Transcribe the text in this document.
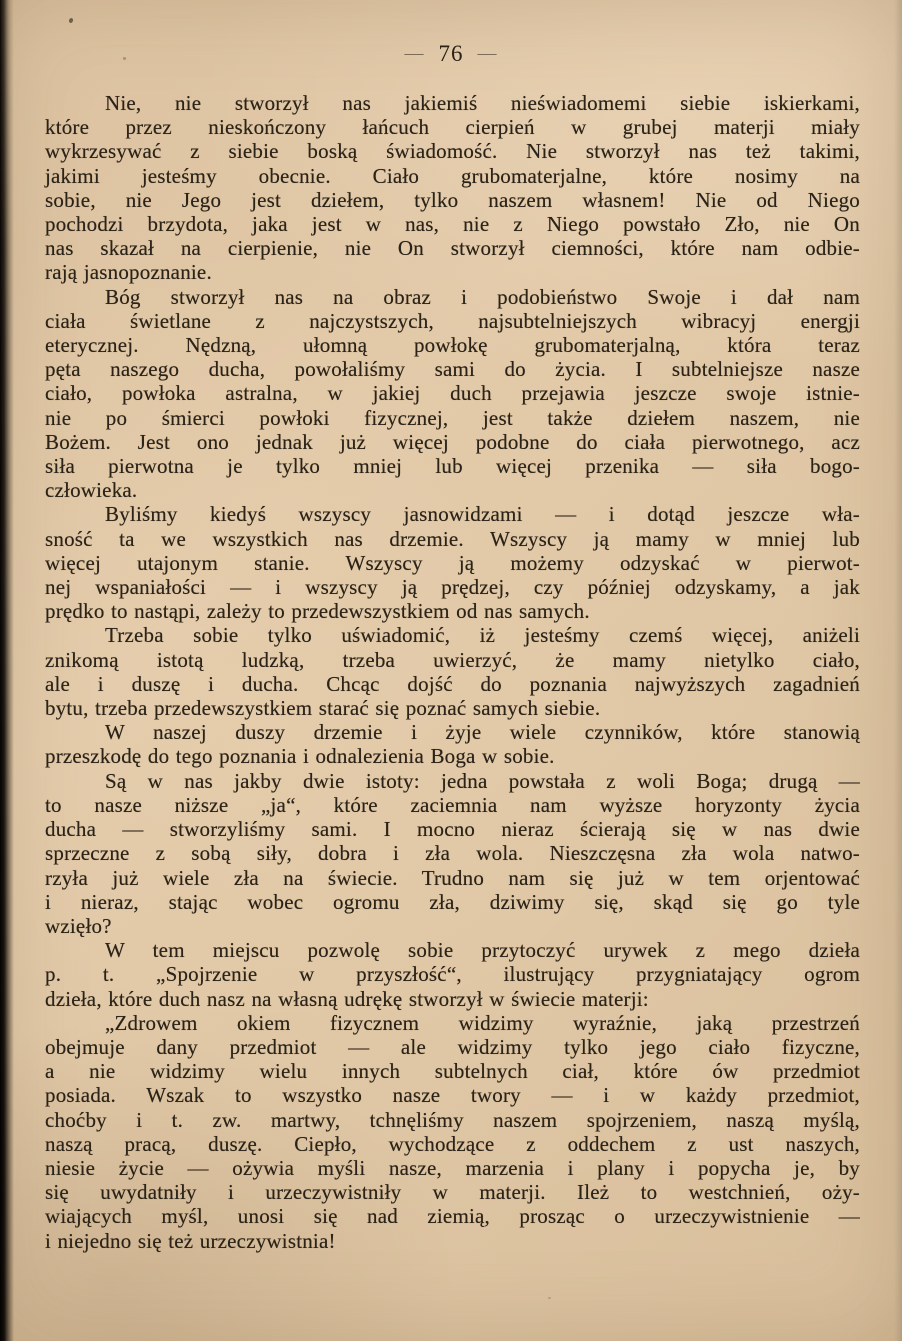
— 76 —
Nie, nie stworzył nas jakiemiś nieświadomemi siebie iskierkami,
które przez nieskończony łańcuch cierpień w grubej materji miały
wykrzesywać z siebie boską świadomość. Nie stworzył nas też takimi,
jakimi jesteśmy obecnie. Ciało grubomaterjalne, które nosimy na
sobie, nie Jego jest dziełem, tylko naszem własnem! Nie od Niego
pochodzi brzydota, jaka jest w nas, nie z Niego powstało Zło, nie On
nas skazał na cierpienie, nie On stworzył ciemności, które nam odbie-
rają jasnopoznanie.
Bóg stworzył nas na obraz i podobieństwo Swoje i dał nam
ciała świetlane z najczystszych, najsubtelniejszych wibracyj energji
eterycznej. Nędzną, ułomną powłokę grubomaterjalną, która teraz
pęta naszego ducha, powołaliśmy sami do życia. I subtelniejsze nasze
ciało, powłoka astralna, w jakiej duch przejawia jeszcze swoje istnie-
nie po śmierci powłoki fizycznej, jest także dziełem naszem, nie
Bożem. Jest ono jednak już więcej podobne do ciała pierwotnego, acz
siła pierwotna je tylko mniej lub więcej przenika — siła bogo-
człowieka.
Byliśmy kiedyś wszyscy jasnowidzami — i dotąd jeszcze wła-
sność ta we wszystkich nas drzemie. Wszyscy ją mamy w mniej lub
więcej utajonym stanie. Wszyscy ją możemy odzyskać w pierwot-
nej wspaniałości — i wszyscy ją prędzej, czy później odzyskamy, a jak
prędko to nastąpi, zależy to przedewszystkiem od nas samych.
Trzeba sobie tylko uświadomić, iż jesteśmy czemś więcej, aniżeli
znikomą istotą ludzką, trzeba uwierzyć, że mamy nietylko ciało,
ale i duszę i ducha. Chcąc dojść do poznania najwyższych zagadnień
bytu, trzeba przedewszystkiem starać się poznać samych siebie.
W naszej duszy drzemie i żyje wiele czynników, które stanowią
przeszkodę do tego poznania i odnalezienia Boga w sobie.
Są w nas jakby dwie istoty: jedna powstała z woli Boga; drugą —
to nasze niższe „ja“, które zaciemnia nam wyższe horyzonty życia
ducha — stworzyliśmy sami. I mocno nieraz ścierają się w nas dwie
sprzeczne z sobą siły, dobra i zła wola. Nieszczęsna zła wola natwo-
rzyła już wiele zła na świecie. Trudno nam się już w tem orjentować
i nieraz, stając wobec ogromu zła, dziwimy się, skąd się go tyle
wzięło?
W tem miejscu pozwolę sobie przytoczyć urywek z mego dzieła
p. t. „Spojrzenie w przyszłość“, ilustrujący przygniatający ogrom
dzieła, które duch nasz na własną udrękę stworzył w świecie materji:
„Zdrowem okiem fizycznem widzimy wyraźnie, jaką przestrzeń
obejmuje dany przedmiot — ale widzimy tylko jego ciało fizyczne,
a nie widzimy wielu innych subtelnych ciał, które ów przedmiot
posiada. Wszak to wszystko nasze twory — i w każdy przedmiot,
choćby i t. zw. martwy, tchnęliśmy naszem spojrzeniem, naszą myślą,
naszą pracą, duszę. Ciepło, wychodzące z oddechem z ust naszych,
niesie życie — ożywia myśli nasze, marzenia i plany i popycha je, by
się uwydatniły i urzeczywistniły w materji. Ileż to westchnień, oży-
wiających myśl, unosi się nad ziemią, prosząc o urzeczywistnienie —
i niejedno się też urzeczywistnia!
